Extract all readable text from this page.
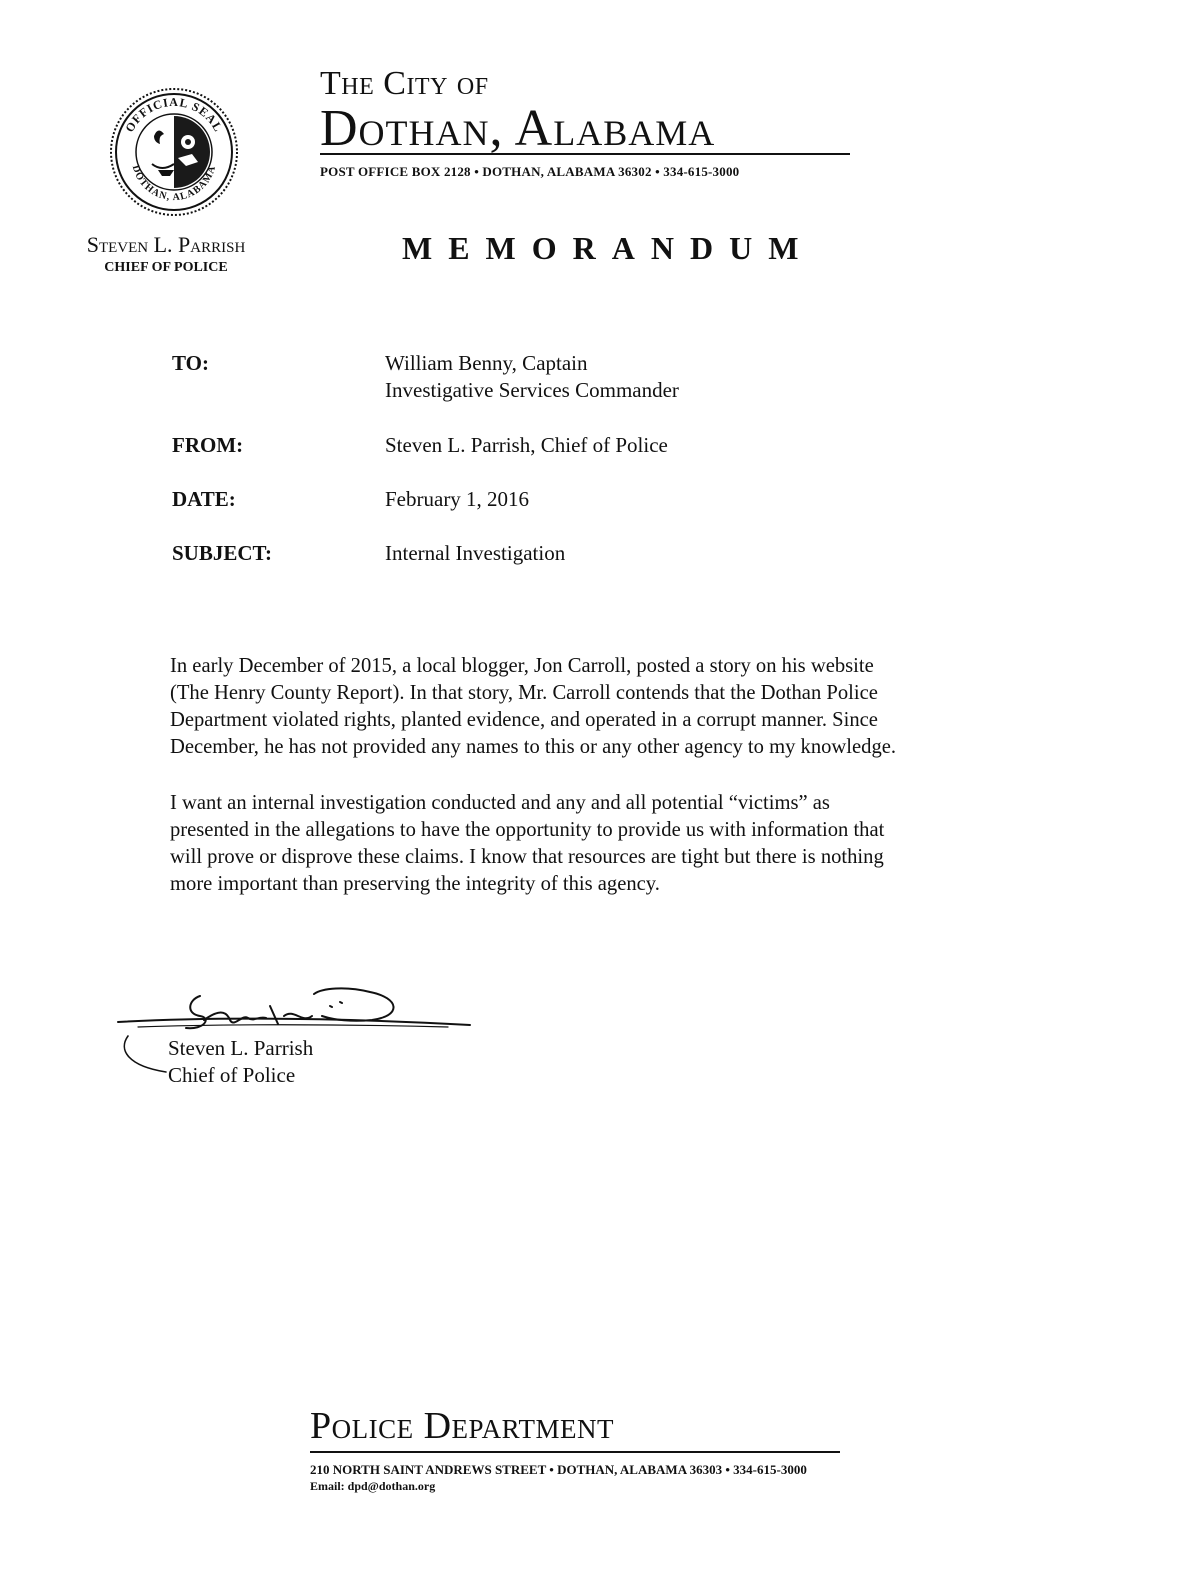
OFFICIAL SEAL
DOTHAN, ALABAMA
The City of
Dothan, Alabama
POST OFFICE BOX 2128 • DOTHAN, ALABAMA 36302 • 334-615-3000
Steven L. Parrish
CHIEF OF POLICE
MEMORANDUM
TO:	William Benny, Captain
Investigative Services Commander
FROM:	Steven L. Parrish, Chief of Police
DATE:	February 1, 2016
SUBJECT:	Internal Investigation
In early December of 2015, a local blogger, Jon Carroll, posted a story on his website
(The Henry County Report). In that story, Mr. Carroll contends that the Dothan Police
Department violated rights, planted evidence, and operated in a corrupt manner. Since
December, he has not provided any names to this or any other agency to my knowledge.
I want an internal investigation conducted and any and all potential “victims” as
presented in the allegations to have the opportunity to provide us with information that
will prove or disprove these claims. I know that resources are tight but there is nothing
more important than preserving the integrity of this agency.
Steven L. Parrish
Chief of Police
Police Department
210 NORTH SAINT ANDREWS STREET • DOTHAN, ALABAMA 36303 • 334-615-3000
Email: dpd@dothan.org
